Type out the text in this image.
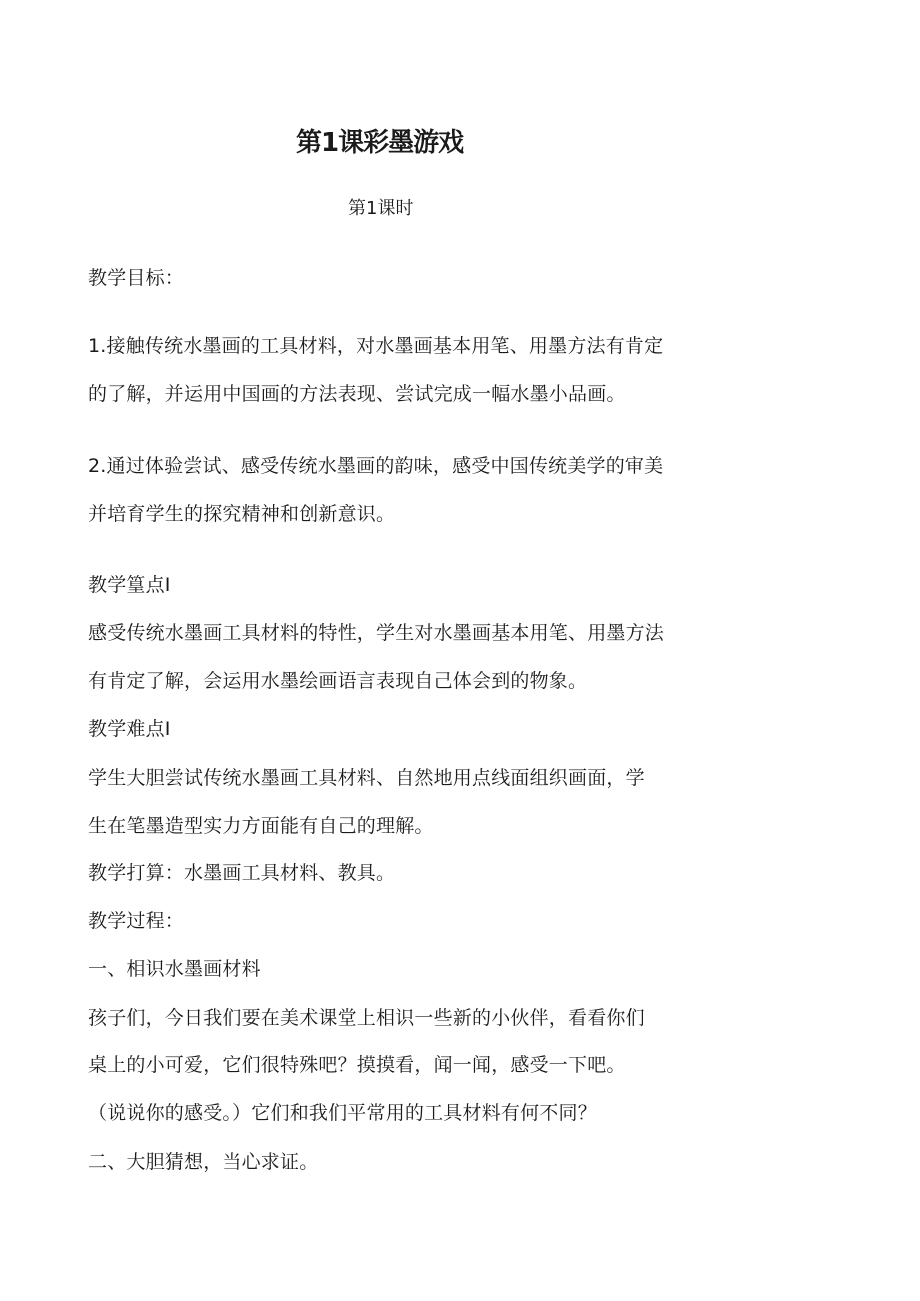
第1课彩墨游戏
第1课时
教学目标：
1.接触传统水墨画的工具材料，对水墨画基本用笔、用墨方法有肯定
的了解，并运用中国画的方法表现、尝试完成一幅水墨小品画。
2.通过体验尝试、感受传统水墨画的韵味，感受中国传统美学的审美
并培育学生的探究精神和创新意识。
教学篁点I
感受传统水墨画工具材料的特性，学生对水墨画基本用笔、用墨方法
有肯定了解，会运用水墨绘画语言表现自己体会到的物象。
教学难点I
学生大胆尝试传统水墨画工具材料、自然地用点线面组织画面，学
生在笔墨造型实力方面能有自己的理解。
教学打算：水墨画工具材料、教具。
教学过程：
一、相识水墨画材料
孩子们，今日我们要在美术课堂上相识一些新的小伙伴，看看你们
桌上的小可爱，它们很特殊吧？摸摸看，闻一闻，感受一下吧。
（说说你的感受。）它们和我们平常用的工具材料有何不同？
二、大胆猜想，当心求证。
